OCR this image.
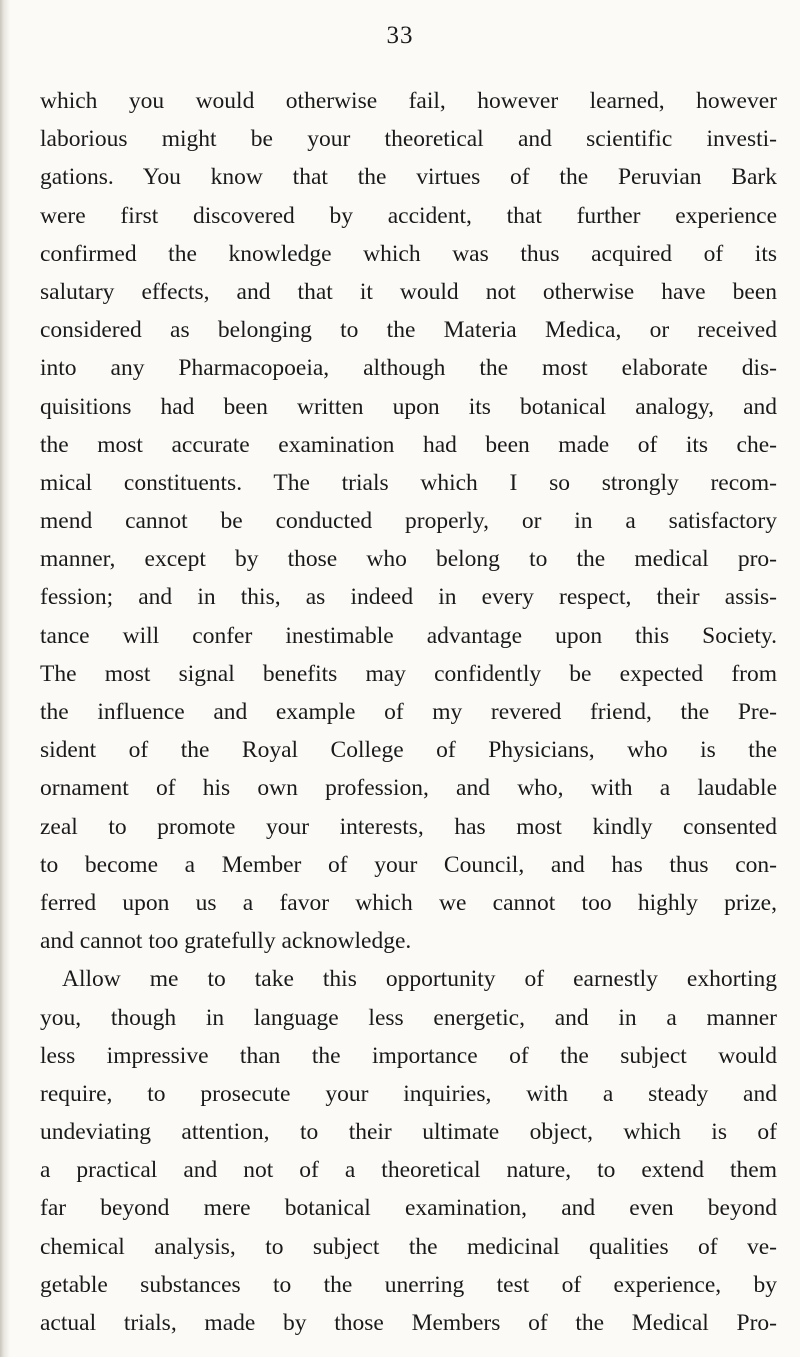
33
which you would otherwise fail, however learned, however
laborious might be your theoretical and scientific investi-
gations. You know that the virtues of the Peruvian Bark
were first discovered by accident, that further experience
confirmed the knowledge which was thus acquired of its
salutary effects, and that it would not otherwise have been
considered as belonging to the Materia Medica, or received
into any Pharmacopoeia, although the most elaborate dis-
quisitions had been written upon its botanical analogy, and
the most accurate examination had been made of its che-
mical constituents. The trials which I so strongly recom-
mend cannot be conducted properly, or in a satisfactory
manner, except by those who belong to the medical pro-
fession; and in this, as indeed in every respect, their assis-
tance will confer inestimable advantage upon this Society.
The most signal benefits may confidently be expected from
the influence and example of my revered friend, the Pre-
sident of the Royal College of Physicians, who is the
ornament of his own profession, and who, with a laudable
zeal to promote your interests, has most kindly consented
to become a Member of your Council, and has thus con-
ferred upon us a favor which we cannot too highly prize,
and cannot too gratefully acknowledge.
Allow me to take this opportunity of earnestly exhorting
you, though in language less energetic, and in a manner
less impressive than the importance of the subject would
require, to prosecute your inquiries, with a steady and
undeviating attention, to their ultimate object, which is of
a practical and not of a theoretical nature, to extend them
far beyond mere botanical examination, and even beyond
chemical analysis, to subject the medicinal qualities of ve-
getable substances to the unerring test of experience, by
actual trials, made by those Members of the Medical Pro-
